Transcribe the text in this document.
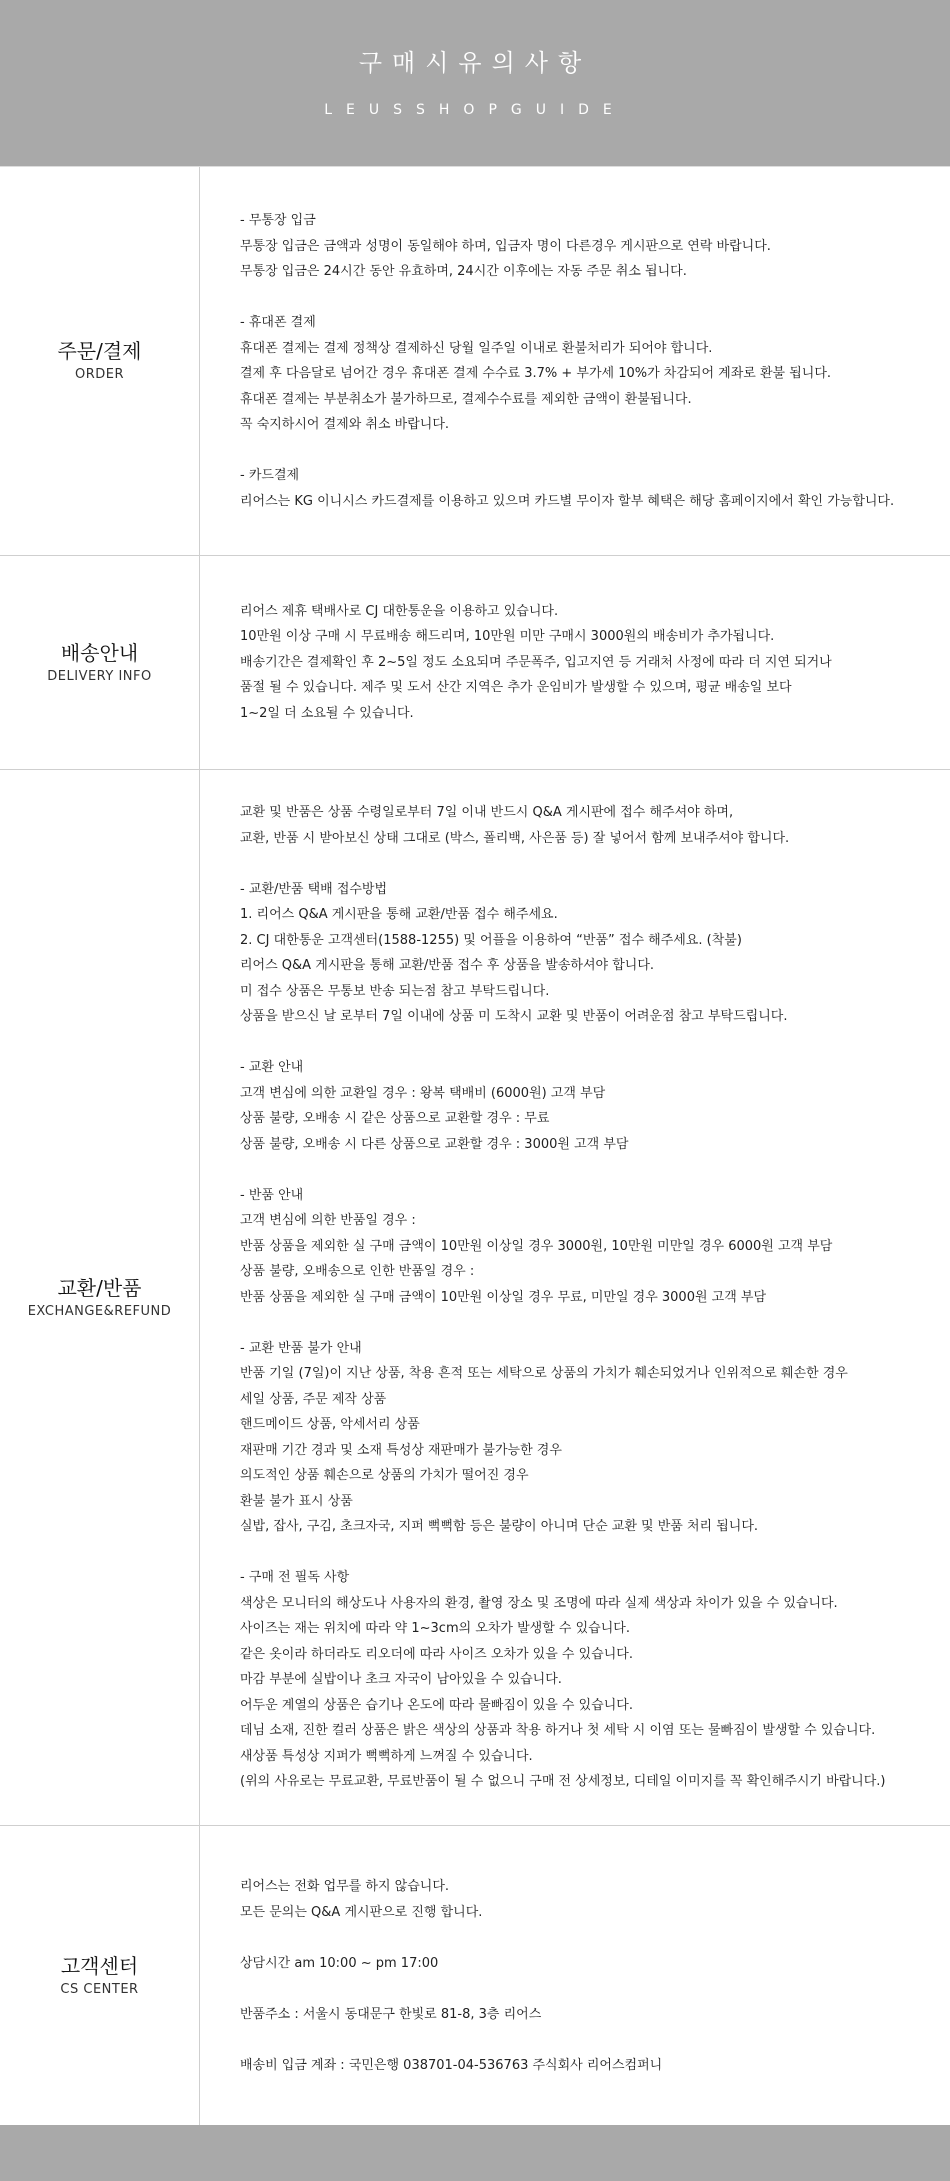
구매시유의사항
LEUSSHOPGUIDE
주문/결제
ORDER
- 무통장 입금
무통장 입금은 금액과 성명이 동일해야 하며, 입금자 명이 다른경우 게시판으로 연락 바랍니다.
무통장 입금은 24시간 동안 유효하며, 24시간 이후에는 자동 주문 취소 됩니다.
- 휴대폰 결제
휴대폰 결제는 결제 정책상 결제하신 당월 일주일 이내로 환불처리가 되어야 합니다.
결제 후 다음달로 넘어간 경우 휴대폰 결제 수수료 3.7% + 부가세 10%가 차감되어 계좌로 환불 됩니다.
휴대폰 결제는 부분취소가 불가하므로, 결제수수료를 제외한 금액이 환불됩니다.
꼭 숙지하시어 결제와 취소 바랍니다.
- 카드결제
리어스는 KG 이니시스 카드결제를 이용하고 있으며 카드별 무이자 할부 혜택은 해당 홈페이지에서 확인 가능합니다.
배송안내
DELIVERY INFO
리어스 제휴 택배사로 CJ 대한통운을 이용하고 있습니다.
10만원 이상 구매 시 무료배송 해드리며, 10만원 미만 구매시 3000원의 배송비가 추가됩니다.
배송기간은 결제확인 후 2~5일 정도 소요되며 주문폭주, 입고지연 등 거래처 사정에 따라 더 지연 되거나
품절 될 수 있습니다. 제주 및 도서 산간 지역은 추가 운임비가 발생할 수 있으며, 평균 배송일 보다
1~2일 더 소요될 수 있습니다.
교환/반품
EXCHANGE&REFUND
교환 및 반품은 상품 수령일로부터 7일 이내 반드시 Q&A 게시판에 접수 해주셔야 하며,
교환, 반품 시 받아보신 상태 그대로 (박스, 폴리백, 사은품 등) 잘 넣어서 함께 보내주셔야 합니다.
- 교환/반품 택배 접수방법
1. 리어스 Q&A 게시판을 통해 교환/반품 접수 해주세요.
2. CJ 대한통운 고객센터(1588-1255) 및 어플을 이용하여 “반품” 접수 해주세요. (착불)
리어스 Q&A 게시판을 통해 교환/반품 접수 후 상품을 발송하셔야 합니다.
미 접수 상품은 무통보 반송 되는점 참고 부탁드립니다.
상품을 받으신 날 로부터 7일 이내에 상품 미 도착시 교환 및 반품이 어려운점 참고 부탁드립니다.
- 교환 안내
고객 변심에 의한 교환일 경우 : 왕복 택배비 (6000원) 고객 부담
상품 불량, 오배송 시 같은 상품으로 교환할 경우 : 무료
상품 불량, 오배송 시 다른 상품으로 교환할 경우 : 3000원 고객 부담
- 반품 안내
고객 변심에 의한 반품일 경우 :
반품 상품을 제외한 실 구매 금액이 10만원 이상일 경우 3000원, 10만원 미만일 경우 6000원 고객 부담
상품 불량, 오배송으로 인한 반품일 경우 :
반품 상품을 제외한 실 구매 금액이 10만원 이상일 경우 무료, 미만일 경우 3000원 고객 부담
- 교환 반품 불가 안내
반품 기일 (7일)이 지난 상품, 착용 흔적 또는 세탁으로 상품의 가치가 훼손되었거나 인위적으로 훼손한 경우
세일 상품, 주문 제작 상품
핸드메이드 상품, 악세서리 상품
재판매 기간 경과 및 소재 특성상 재판매가 불가능한 경우
의도적인 상품 훼손으로 상품의 가치가 떨어진 경우
환불 불가 표시 상품
실밥, 잡사, 구김, 초크자국, 지퍼 뻑뻑함 등은 불량이 아니며 단순 교환 및 반품 처리 됩니다.
- 구매 전 필독 사항
색상은 모니터의 해상도나 사용자의 환경, 촬영 장소 및 조명에 따라 실제 색상과 차이가 있을 수 있습니다.
사이즈는 재는 위치에 따라 약 1~3cm의 오차가 발생할 수 있습니다.
같은 옷이라 하더라도 리오더에 따라 사이즈 오차가 있을 수 있습니다.
마감 부분에 실밥이나 초크 자국이 남아있을 수 있습니다.
어두운 계열의 상품은 습기나 온도에 따라 물빠짐이 있을 수 있습니다.
데님 소재, 진한 컬러 상품은 밝은 색상의 상품과 착용 하거나 첫 세탁 시 이염 또는 물빠짐이 발생할 수 있습니다.
새상품 특성상 지퍼가 뻑뻑하게 느껴질 수 있습니다.
(위의 사유로는 무료교환, 무료반품이 될 수 없으니 구매 전 상세정보, 디테일 이미지를 꼭 확인해주시기 바랍니다.)
고객센터
CS CENTER
리어스는 전화 업무를 하지 않습니다.
모든 문의는 Q&A 게시판으로 진행 합니다.
상담시간 am 10:00 ~ pm 17:00
반품주소 : 서울시 동대문구 한빛로 81-8, 3층 리어스
배송비 입금 계좌 : 국민은행 038701-04-536763 주식회사 리어스컴퍼니
